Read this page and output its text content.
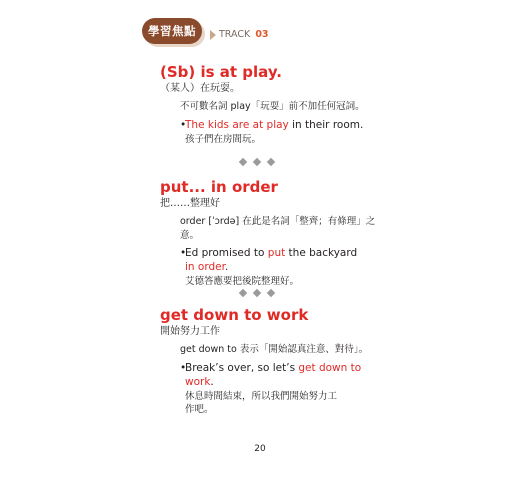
學習焦點	TRACK 03
(Sb) is at play.
（某人）在玩耍。
不可數名詞 play「玩耍」前不加任何冠詞。
•The kids are at play in their room.
孩子們在房間玩。
put... in order
把……整理好
order [ˈɔrdə] 在此是名詞「整齊；有條理」之意。
•Ed promised to put the backyard
in order.
艾德答應要把後院整理好。
get down to work
開始努力工作
get down to 表示「開始認真注意、對待」。
•Break’s over, so let’s get down to
work.
休息時間結束，所以我們開始努力工作吧。
20
